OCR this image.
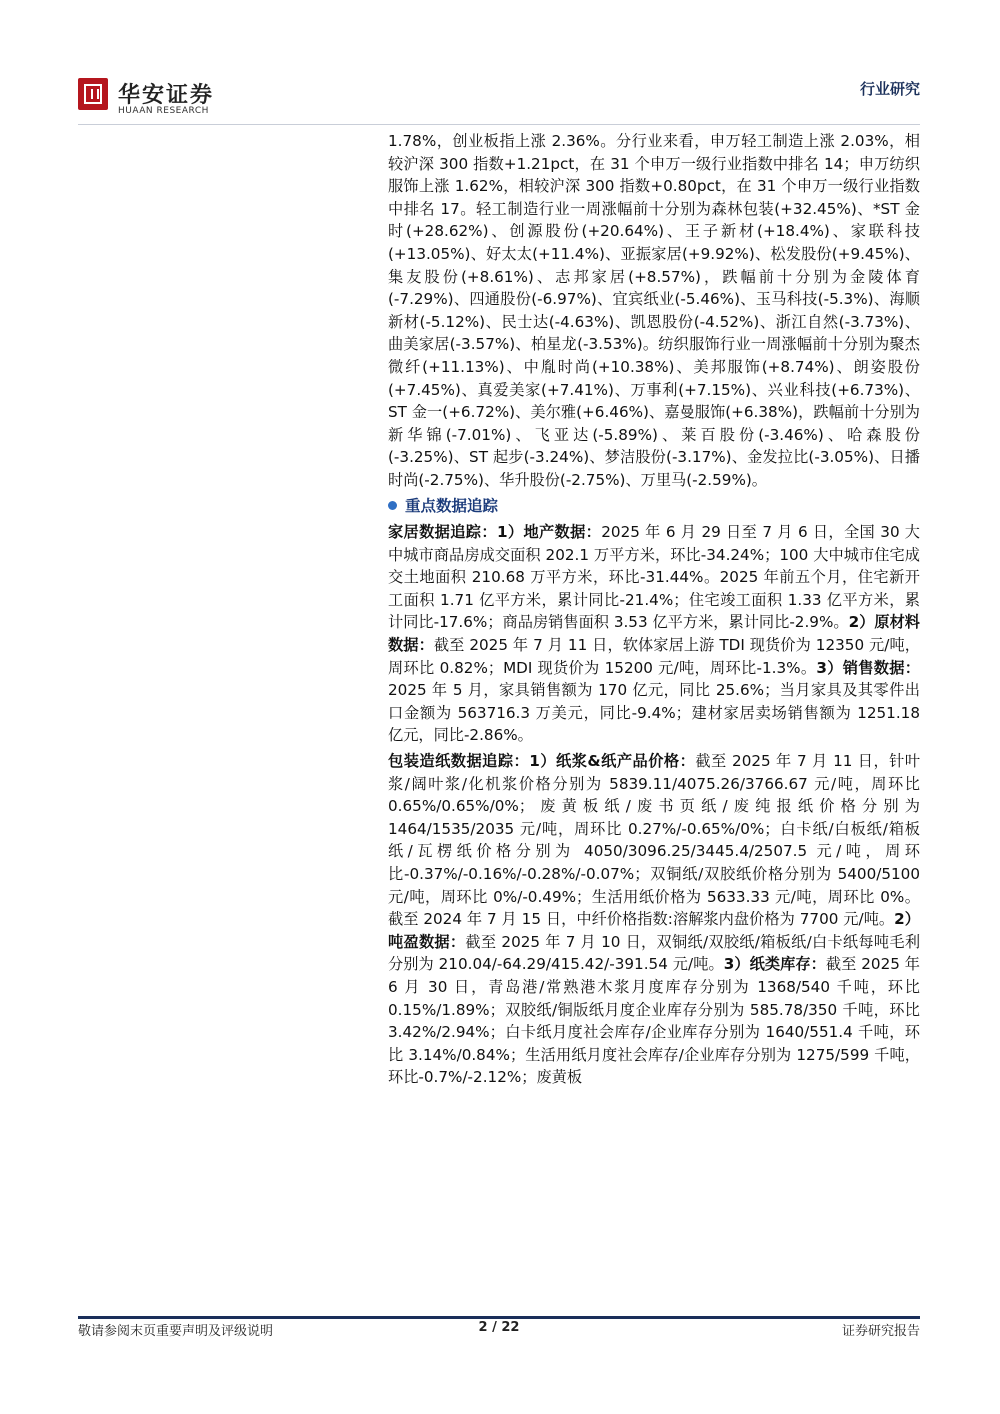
华安证券
HUAAN RESEARCH
行业研究

1.78%，创业板指上涨 2.36%。分行业来看，申万轻工制造上涨 2.03%，相较沪深 300 指数+1.21pct，在 31 个申万一级行业指数中排名 14；申万纺织服饰上涨 1.62%，相较沪深 300 指数+0.80pct，在 31 个申万一级行业指数中排名 17。轻工制造行业一周涨幅前十分别为森林包装(+32.45%)、*ST 金时(+28.62%)、创源股份(+20.64%)、王子新材(+18.4%)、家联科技(+13.05%)、好太太(+11.4%)、亚振家居(+9.92%)、松发股份(+9.45%)、集友股份(+8.61%)、志邦家居(+8.57%)，跌幅前十分别为金陵体育(-7.29%)、四通股份(-6.97%)、宜宾纸业(-5.46%)、玉马科技(-5.3%)、海顺新材(-5.12%)、民士达(-4.63%)、凯恩股份(-4.52%)、浙江自然(-3.73%)、曲美家居(-3.57%)、柏星龙(-3.53%)。纺织服饰行业一周涨幅前十分别为聚杰微纤(+11.13%)、中胤时尚(+10.38%)、美邦服饰(+8.74%)、朗姿股份(+7.45%)、真爱美家(+7.41%)、万事利(+7.15%)、兴业科技(+6.73%)、ST 金一(+6.72%)、美尔雅(+6.46%)、嘉曼服饰(+6.38%)，跌幅前十分别为新华锦(-7.01%)、飞亚达(-5.89%)、莱百股份(-3.46%)、哈森股份(-3.25%)、ST 起步(-3.24%)、梦洁股份(-3.17%)、金发拉比(-3.05%)、日播时尚(-2.75%)、华升股份(-2.75%)、万里马(-2.59%)。

重点数据追踪

家居数据追踪：1）地产数据：2025 年 6 月 29 日至 7 月 6 日，全国 30 大中城市商品房成交面积 202.1 万平方米，环比-34.24%；100 大中城市住宅成交土地面积 210.68 万平方米，环比-31.44%。2025 年前五个月，住宅新开工面积 1.71 亿平方米，累计同比-21.4%；住宅竣工面积 1.33 亿平方米，累计同比-17.6%；商品房销售面积 3.53 亿平方米，累计同比-2.9%。2）原材料数据：截至 2025 年 7 月 11 日，软体家居上游 TDI 现货价为 12350 元/吨，周环比 0.82%；MDI 现货价为 15200 元/吨，周环比-1.3%。3）销售数据：2025 年 5 月，家具销售额为 170 亿元，同比 25.6%；当月家具及其零件出口金额为 563716.3 万美元，同比-9.4%；建材家居卖场销售额为 1251.18 亿元，同比-2.86%。

包装造纸数据追踪：1）纸浆&纸产品价格：截至 2025 年 7 月 11 日，针叶浆/阔叶浆/化机浆价格分别为 5839.11/4075.26/3766.67 元/吨，周环比 0.65%/0.65%/0%；废黄板纸/废书页纸/废纯报纸价格分别为 1464/1535/2035 元/吨，周环比 0.27%/-0.65%/0%；白卡纸/白板纸/箱板纸/瓦楞纸价格分别为 4050/3096.25/3445.4/2507.5 元/吨，周环比-0.37%/-0.16%/-0.28%/-0.07%；双铜纸/双胶纸价格分别为 5400/5100 元/吨，周环比 0%/-0.49%；生活用纸价格为 5633.33 元/吨，周环比 0%。截至 2024 年 7 月 15 日，中纤价格指数:溶解浆内盘价格为 7700 元/吨。2）吨盈数据：截至 2025 年 7 月 10 日，双铜纸/双胶纸/箱板纸/白卡纸每吨毛利分别为 210.04/-64.29/415.42/-391.54 元/吨。3）纸类库存：截至 2025 年 6 月 30 日，青岛港/常熟港木浆月度库存分别为 1368/540 千吨，环比 0.15%/1.89%；双胶纸/铜版纸月度企业库存分别为 585.78/350 千吨，环比 3.42%/2.94%；白卡纸月度社会库存/企业库存分别为 1640/551.4 千吨，环比 3.14%/0.84%；生活用纸月度社会库存/企业库存分别为 1275/599 千吨，环比-0.7%/-2.12%；废黄板

敬请参阅末页重要声明及评级说明	2 / 22	证券研究报告
